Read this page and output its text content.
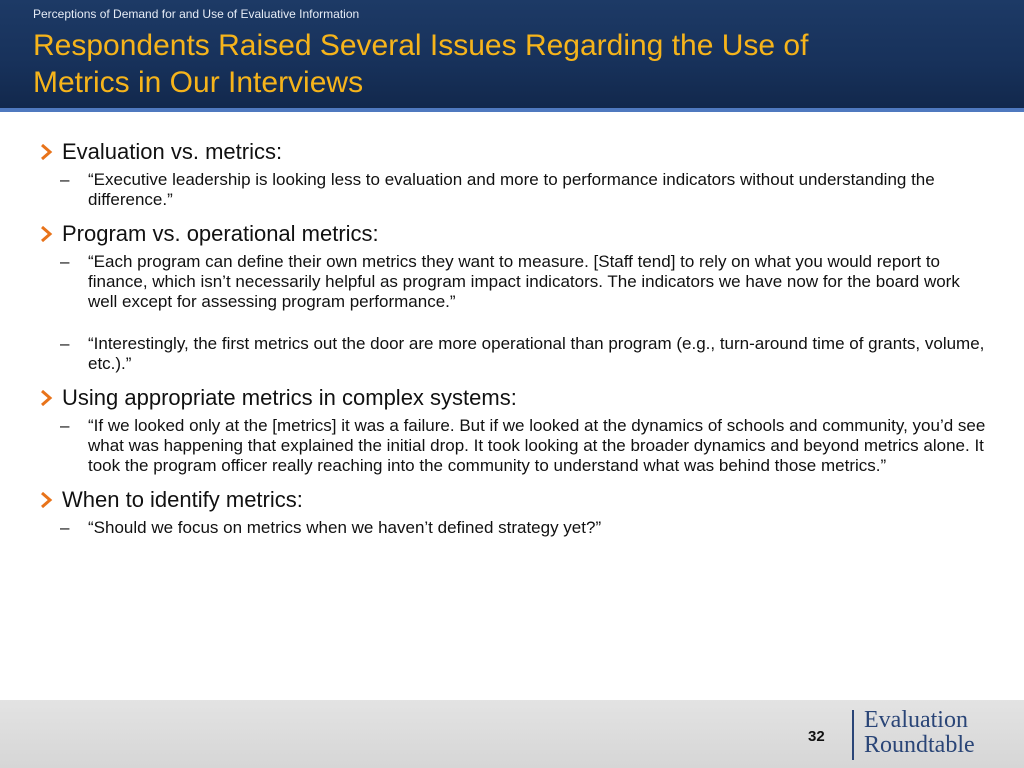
Perceptions of Demand for and Use of Evaluative Information
Respondents Raised Several Issues Regarding the Use of
Metrics in Our Interviews
Evaluation vs. metrics:
– “Executive leadership is looking less to evaluation and more to performance indicators without understanding the difference.”
Program vs. operational metrics:
– “Each program can define their own metrics they want to measure. [Staff tend] to rely on what you would report to finance, which isn’t necessarily helpful as program impact indicators. The indicators we have now for the board work well except for assessing program performance.”
– “Interestingly, the first metrics out the door are more operational than program (e.g., turn-around time of grants, volume, etc.).”
Using appropriate metrics in complex systems:
– “If we looked only at the [metrics] it was a failure. But if we looked at the dynamics of schools and community, you’d see what was happening that explained the initial drop. It took looking at the broader dynamics and beyond metrics alone. It took the program officer really reaching into the community to understand what was behind those metrics.”
When to identify metrics:
– “Should we focus on metrics when we haven’t defined strategy yet?”
32
Evaluation
Roundtable
